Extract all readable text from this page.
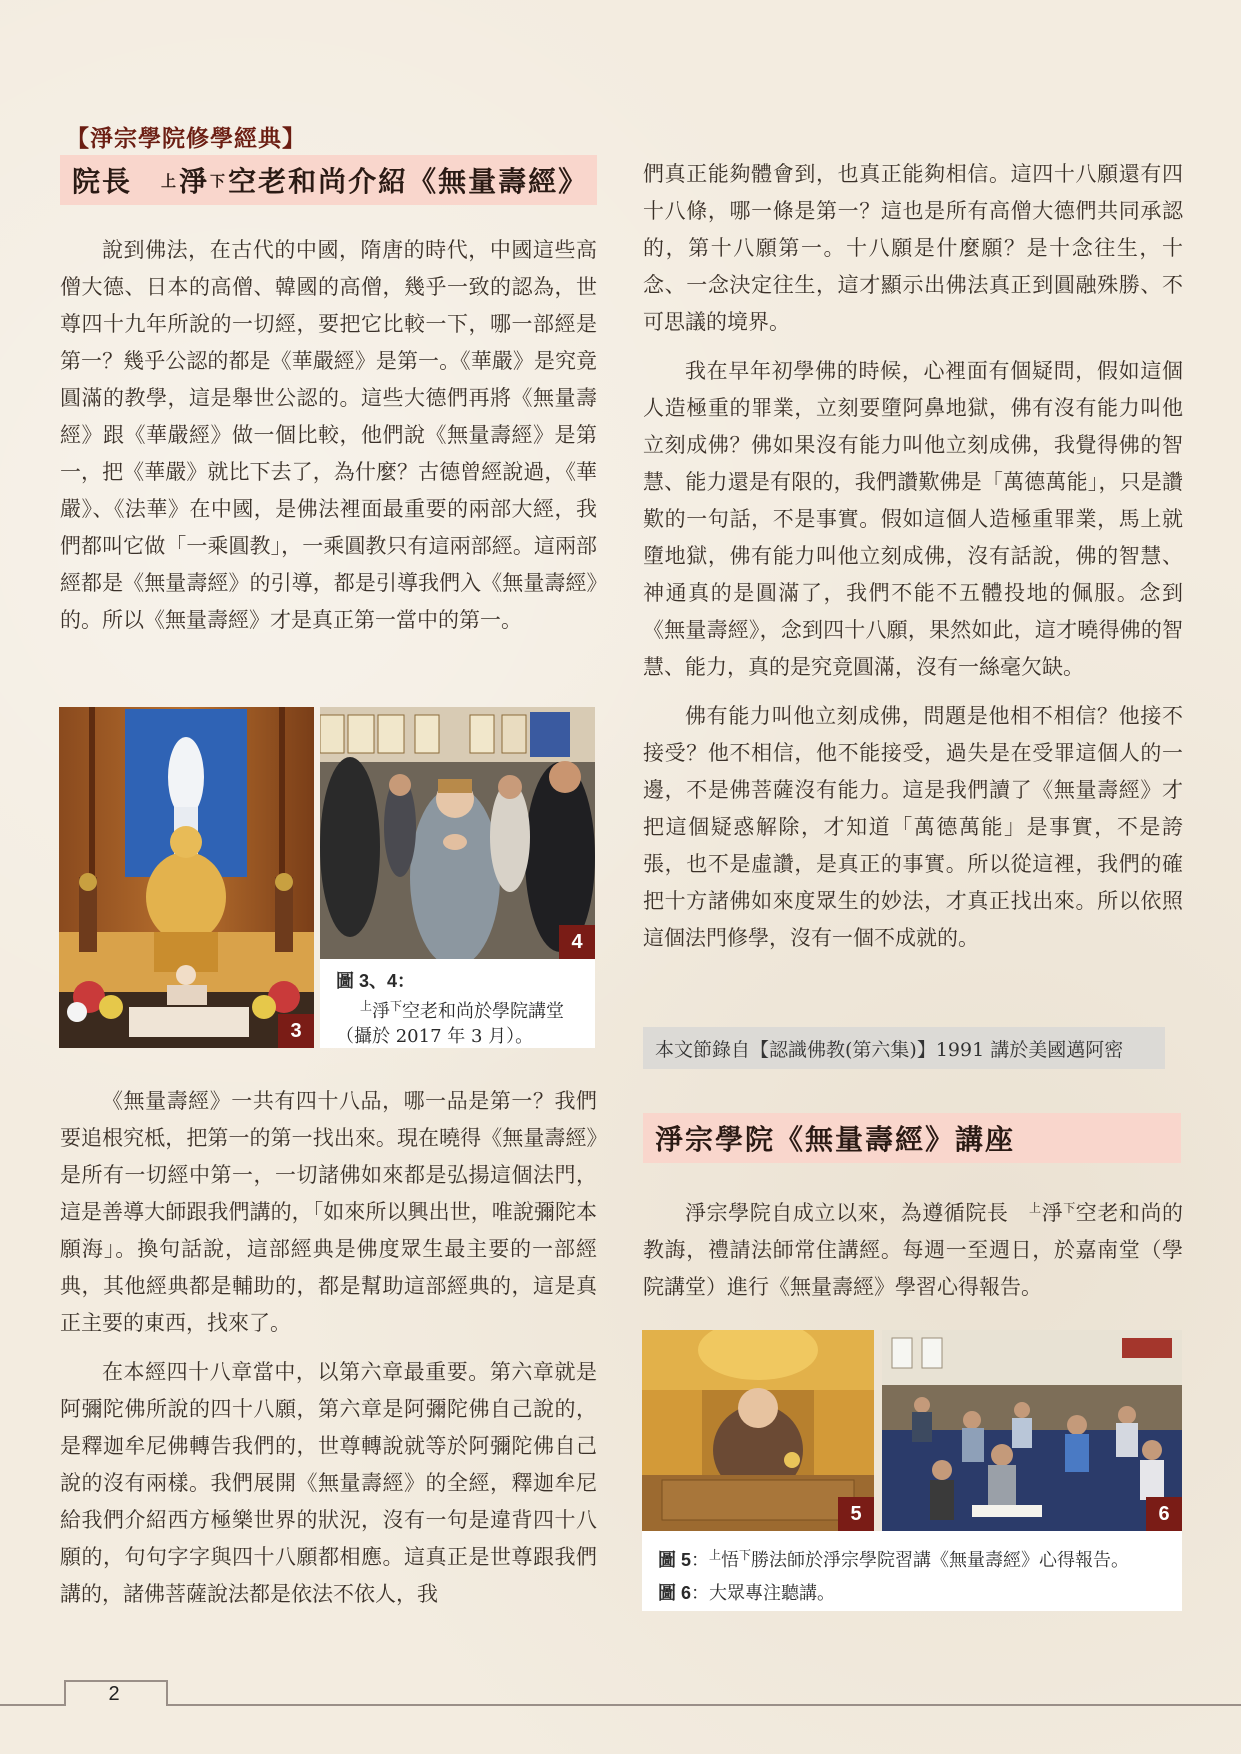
【淨宗學院修學經典】
院長 上 淨 下 空老和尚介紹《無量壽經》

說到佛法，在古代的中國，隋唐的時代，中國這些高僧大德、日本的高僧、韓國的高僧，幾乎一致的認為，世尊四十九年所說的一切經，要把它比較一下，哪一部經是第一？幾乎公認的都是《華嚴經》是第一。《華嚴》是究竟圓滿的教學，這是舉世公認的。這些大德們再將《無量壽經》跟《華嚴經》做一個比較，他們說《無量壽經》是第一，把《華嚴》就比下去了，為什麼？古德曾經說過，《華嚴》、《法華》在中國，是佛法裡面最重要的兩部大經，我們都叫它做「一乘圓教」，一乘圓教只有這兩部經。這兩部經都是《無量壽經》的引導，都是引導我們入《無量壽經》的。所以《無量壽經》才是真正第一當中的第一。

3
4
圖 3、4：
$^上$淨$^下$空老和尚於學院講堂
（攝於 2017 年 3 月）。

《無量壽經》一共有四十八品，哪一品是第一？我們要追根究柢，把第一的第一找出來。現在曉得《無量壽經》是所有一切經中第一，一切諸佛如來都是弘揚這個法門，這是善導大師跟我們講的，「如來所以興出世，唯說彌陀本願海」。換句話說，這部經典是佛度眾生最主要的一部經典，其他經典都是輔助的，都是幫助這部經典的，這是真正主要的東西，找來了。

在本經四十八章當中，以第六章最重要。第六章就是阿彌陀佛所說的四十八願，第六章是阿彌陀佛自己說的，是釋迦牟尼佛轉告我們的，世尊轉說就等於阿彌陀佛自己說的沒有兩樣。我們展開《無量壽經》的全經，釋迦牟尼給我們介紹西方極樂世界的狀況，沒有一句是違背四十八願的，句句字字與四十八願都相應。這真正是世尊跟我們講的，諸佛菩薩說法都是依法不依人，我

們真正能夠體會到，也真正能夠相信。這四十八願還有四十八條，哪一條是第一？這也是所有高僧大德們共同承認的，第十八願第一。十八願是什麼願？是十念往生，十念、一念決定往生，這才顯示出佛法真正到圓融殊勝、不可思議的境界。

我在早年初學佛的時候，心裡面有個疑問，假如這個人造極重的罪業，立刻要墮阿鼻地獄，佛有沒有能力叫他立刻成佛？佛如果沒有能力叫他立刻成佛，我覺得佛的智慧、能力還是有限的，我們讚歎佛是「萬德萬能」，只是讚歎的一句話，不是事實。假如這個人造極重罪業，馬上就墮地獄，佛有能力叫他立刻成佛，沒有話說，佛的智慧、神通真的是圓滿了，我們不能不五體投地的佩服。念到《無量壽經》，念到四十八願，果然如此，這才曉得佛的智慧、能力，真的是究竟圓滿，沒有一絲毫欠缺。

佛有能力叫他立刻成佛，問題是他相不相信？他接不接受？他不相信，他不能接受，過失是在受罪這個人的一邊，不是佛菩薩沒有能力。這是我們讀了《無量壽經》才把這個疑惑解除，才知道「萬德萬能」是事實，不是誇張，也不是虛讚，是真正的事實。所以從這裡，我們的確把十方諸佛如來度眾生的妙法，才真正找出來。所以依照這個法門修學，沒有一個不成就的。

本文節錄自【認識佛教(第六集)】1991 講於美國邁阿密
淨宗學院《無量壽經》講座

淨宗學院自成立以來，為遵循院長 $^上$淨$^下$空老和尚的教誨，禮請法師常住講經。每週一至週日，於嘉南堂（學院講堂）進行《無量壽經》學習心得報告。

5	6
圖 5：$^上$悟$^下$勝法師於淨宗學院習講《無量壽經》心得報告。
圖 6：大眾專注聽講。
2
